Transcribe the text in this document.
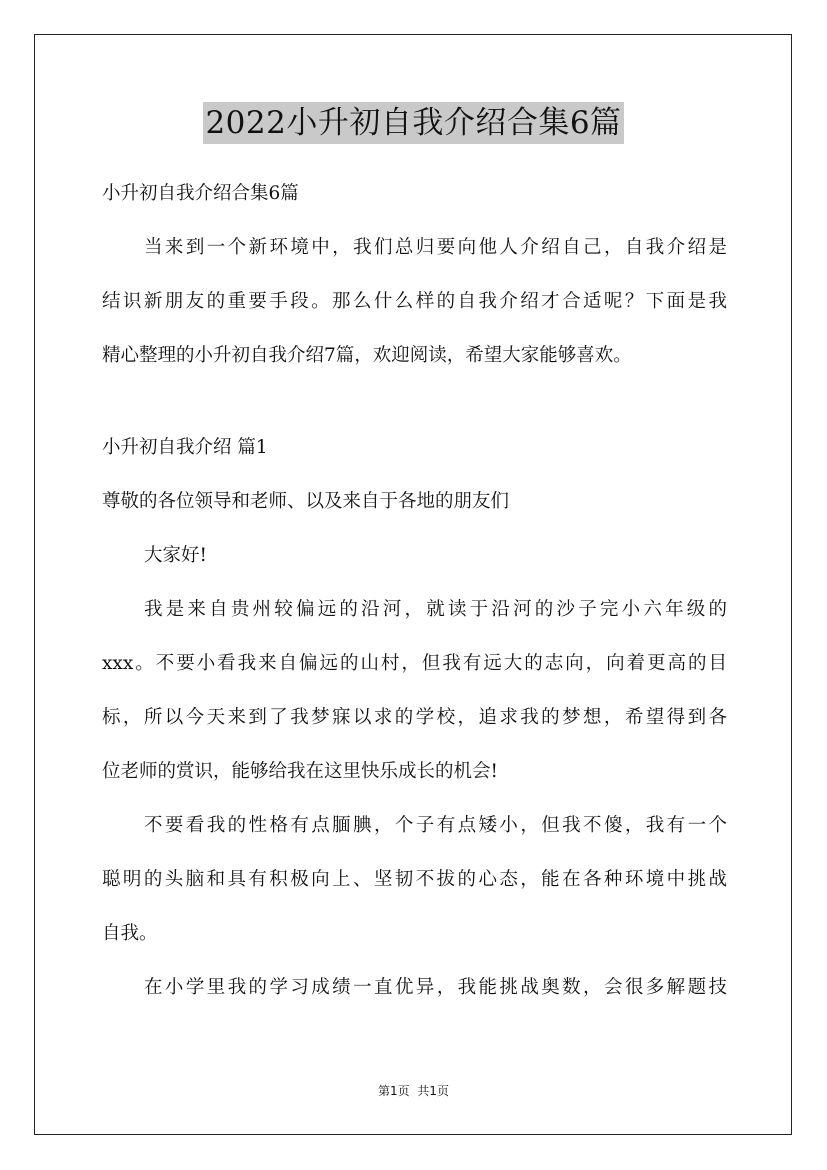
2022小升初自我介绍合集6篇
小升初自我介绍合集6篇
当来到一个新环境中，我们总归要向他人介绍自己，自我介绍是
结识新朋友的重要手段。那么什么样的自我介绍才合适呢？下面是我
精心整理的小升初自我介绍7篇，欢迎阅读，希望大家能够喜欢。
小升初自我介绍 篇1
尊敬的各位领导和老师、以及来自于各地的朋友们
大家好!
我是来自贵州较偏远的沿河，就读于沿河的沙子完小六年级的
xxx。不要小看我来自偏远的山村，但我有远大的志向，向着更高的目
标，所以今天来到了我梦寐以求的学校，追求我的梦想，希望得到各
位老师的赏识，能够给我在这里快乐成长的机会!
不要看我的性格有点腼腆，个子有点矮小，但我不傻，我有一个
聪明的头脑和具有积极向上、坚韧不拔的心态，能在各种环境中挑战
自我。
在小学里我的学习成绩一直优异，我能挑战奥数，会很多解题技
第1页  共1页
